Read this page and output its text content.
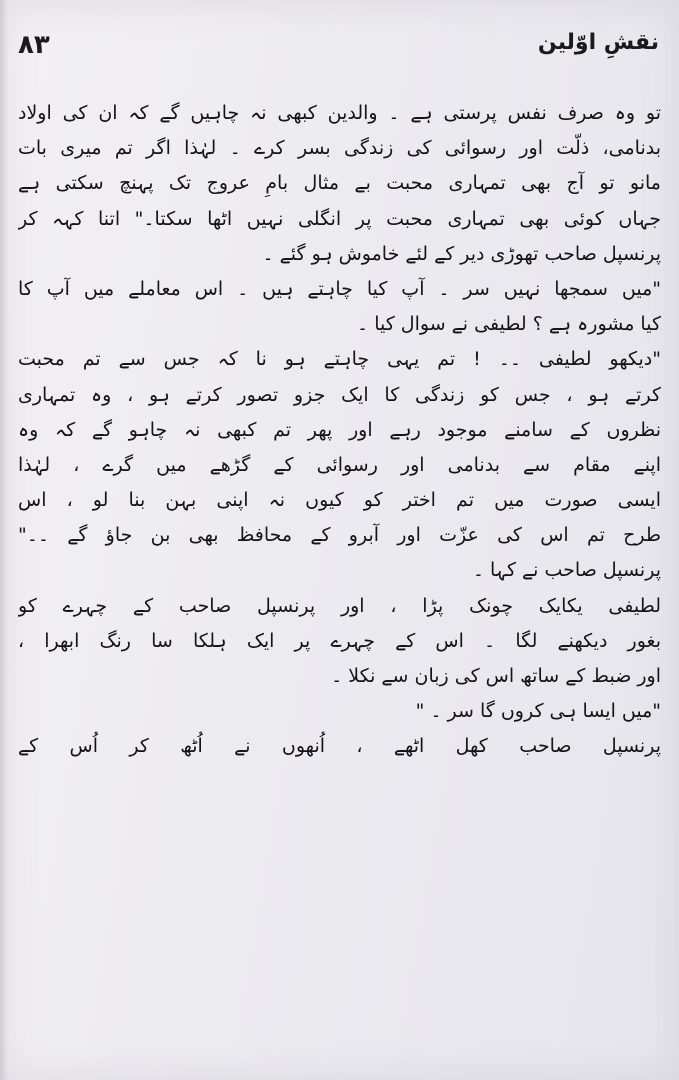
۸۳	نقشِ اوّلین
تو وہ صرف نفس پرستی ہے ۔ والدین کبھی نہ چاہیں گے کہ ان کی اولاد
بدنامی، ذلّت اور رسوائی کی زندگی بسر کرے ۔ لہٰذا اگر تم میری بات
مانو تو آج بھی تمہاری محبت بے مثال بامِ عروج تک پہنچ سکتی ہے
جہاں کوئی بھی تمہاری محبت پر انگلی نہیں اٹھا سکتا۔" اتنا کہہ کر
پرنسپل صاحب تھوڑی دیر کے لئے خاموش ہو گئے ۔
"میں سمجھا نہیں سر ۔ آپ کیا چاہتے ہیں ۔ اس معاملے میں آپ کا
کیا مشورہ ہے ؟ لطیفی نے سوال کیا ۔
"دیکھو لطیفی ۔۔ ! تم یہی چاہتے ہو نا کہ جس سے تم محبت
کرتے ہو ، جس کو زندگی کا ایک جزو تصور کرتے ہو ، وہ تمہاری
نظروں کے سامنے موجود رہے اور پھر تم کبھی نہ چاہو گے کہ وہ
اپنے مقام سے بدنامی اور رسوائی کے گڑھے میں گرے ، لہٰذا
ایسی صورت میں تم اختر کو کیوں نہ اپنی بہن بنا لو ، اس
طرح تم اس کی عزّت اور آبرو کے محافظ بھی بن جاؤ گے ۔۔"
پرنسپل صاحب نے کہا ۔
لطیفی یکایک چونک پڑا ، اور پرنسپل صاحب کے چہرے کو
بغور دیکھنے لگا ۔ اس کے چہرے پر ایک ہلکا سا رنگ ابھرا ،
اور ضبط کے ساتھ اس کی زبان سے نکلا ۔
"میں ایسا ہی کروں گا سر ۔ "
پرنسپل صاحب کھل اٹھے ، اُنھوں نے اُٹھ کر اُس کے
